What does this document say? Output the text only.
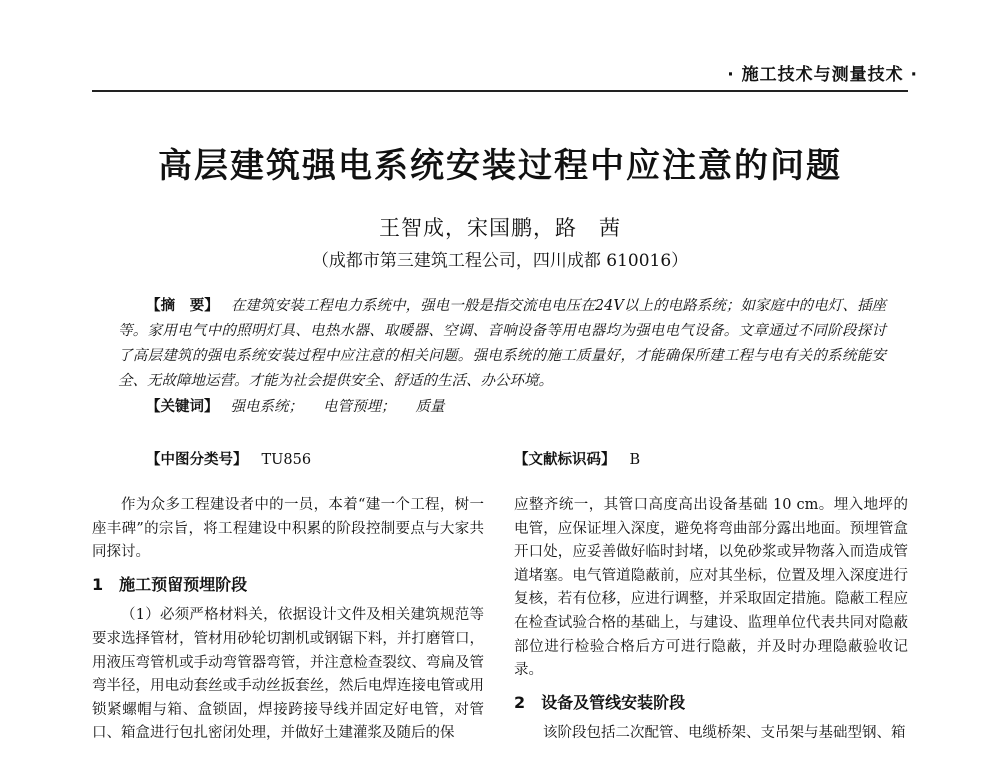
· 施工技术与测量技术 ·
高层建筑强电系统安装过程中应注意的问题
王智成，宋国鹏，路　茜
（成都市第三建筑工程公司，四川成都 610016）
【摘　要】 在建筑安装工程电力系统中，强电一般是指交流电电压在24V以上的电路系统；如家庭中的电灯、插座等。家用电气中的照明灯具、电热水器、取暖器、空调、音响设备等用电器均为强电电气设备。文章通过不同阶段探讨了高层建筑的强电系统安装过程中应注意的相关问题。强电系统的施工质量好，才能确保所建工程与电有关的系统能安全、无故障地运营。才能为社会提供安全、舒适的生活、办公环境。
【关键词】 强电系统； 电管预埋； 质量
【中图分类号】 TU856	【文献标识码】 B

作为众多工程建设者中的一员，本着“建一个工程，树一座丰碑”的宗旨，将工程建设中积累的阶段控制要点与大家共同探讨。

1 施工预留预埋阶段

（1）必须严格材料关，依据设计文件及相关建筑规范等要求选择管材，管材用砂轮切割机或钢锯下料，并打磨管口，用液压弯管机或手动弯管器弯管，并注意检查裂纹、弯扁及管弯半径，用电动套丝或手动丝扳套丝，然后电焊连接电管或用锁紧螺帽与箱、盒锁固，焊接跨接导线并固定好电管，对管口、箱盒进行包扎密闭处理，并做好土建灌浆及随后的保

应整齐统一，其管口高度高出设备基础 10 cm。埋入地坪的电管，应保证埋入深度，避免将弯曲部分露出地面。预埋管盒开口处，应妥善做好临时封堵，以免砂浆或异物落入而造成管道堵塞。电气管道隐蔽前，应对其坐标，位置及埋入深度进行复核，若有位移，应进行调整，并采取固定措施。隐蔽工程应在检查试验合格的基础上，与建设、监理单位代表共同对隐蔽部位进行检验合格后方可进行隐蔽，并及时办理隐蔽验收记录。

2 设备及管线安装阶段

该阶段包括二次配管、电缆桥架、支吊架与基础型钢、箱
